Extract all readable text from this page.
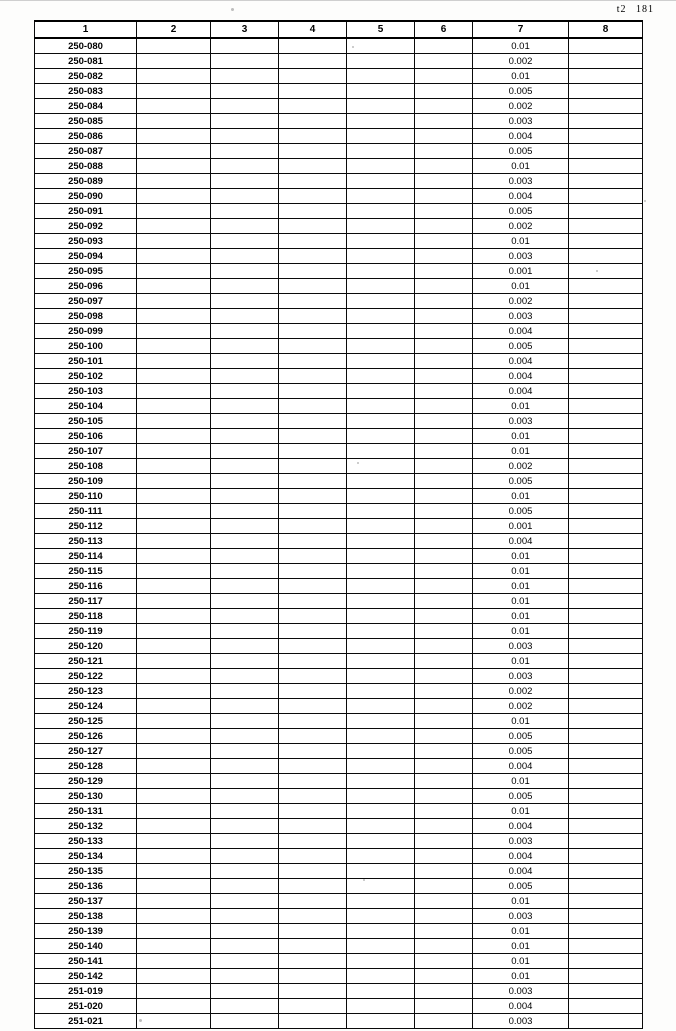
t2 181
1	2	3	4	5	6	7	8
250-080						0.01	
250-081						0.002	
250-082						0.01	
250-083						0.005	
250-084						0.002	
250-085						0.003	
250-086						0.004	
250-087						0.005	
250-088						0.01	
250-089						0.003	
250-090						0.004	
250-091						0.005	
250-092						0.002	
250-093						0.01	
250-094						0.003	
250-095						0.001	
250-096						0.01	
250-097						0.002	
250-098						0.003	
250-099						0.004	
250-100						0.005	
250-101						0.004	
250-102						0.004	
250-103						0.004	
250-104						0.01	
250-105						0.003	
250-106						0.01	
250-107						0.01	
250-108						0.002	
250-109						0.005	
250-110						0.01	
250-111						0.005	
250-112						0.001	
250-113						0.004	
250-114						0.01	
250-115						0.01	
250-116						0.01	
250-117						0.01	
250-118						0.01	
250-119						0.01	
250-120						0.003	
250-121						0.01	
250-122						0.003	
250-123						0.002	
250-124						0.002	
250-125						0.01	
250-126						0.005	
250-127						0.005	
250-128						0.004	
250-129						0.01	
250-130						0.005	
250-131						0.01	
250-132						0.004	
250-133						0.003	
250-134						0.004	
250-135						0.004	
250-136						0.005	
250-137						0.01	
250-138						0.003	
250-139						0.01	
250-140						0.01	
250-141						0.01	
250-142						0.01	
251-019						0.003	
251-020						0.004	
251-021						0.003	
